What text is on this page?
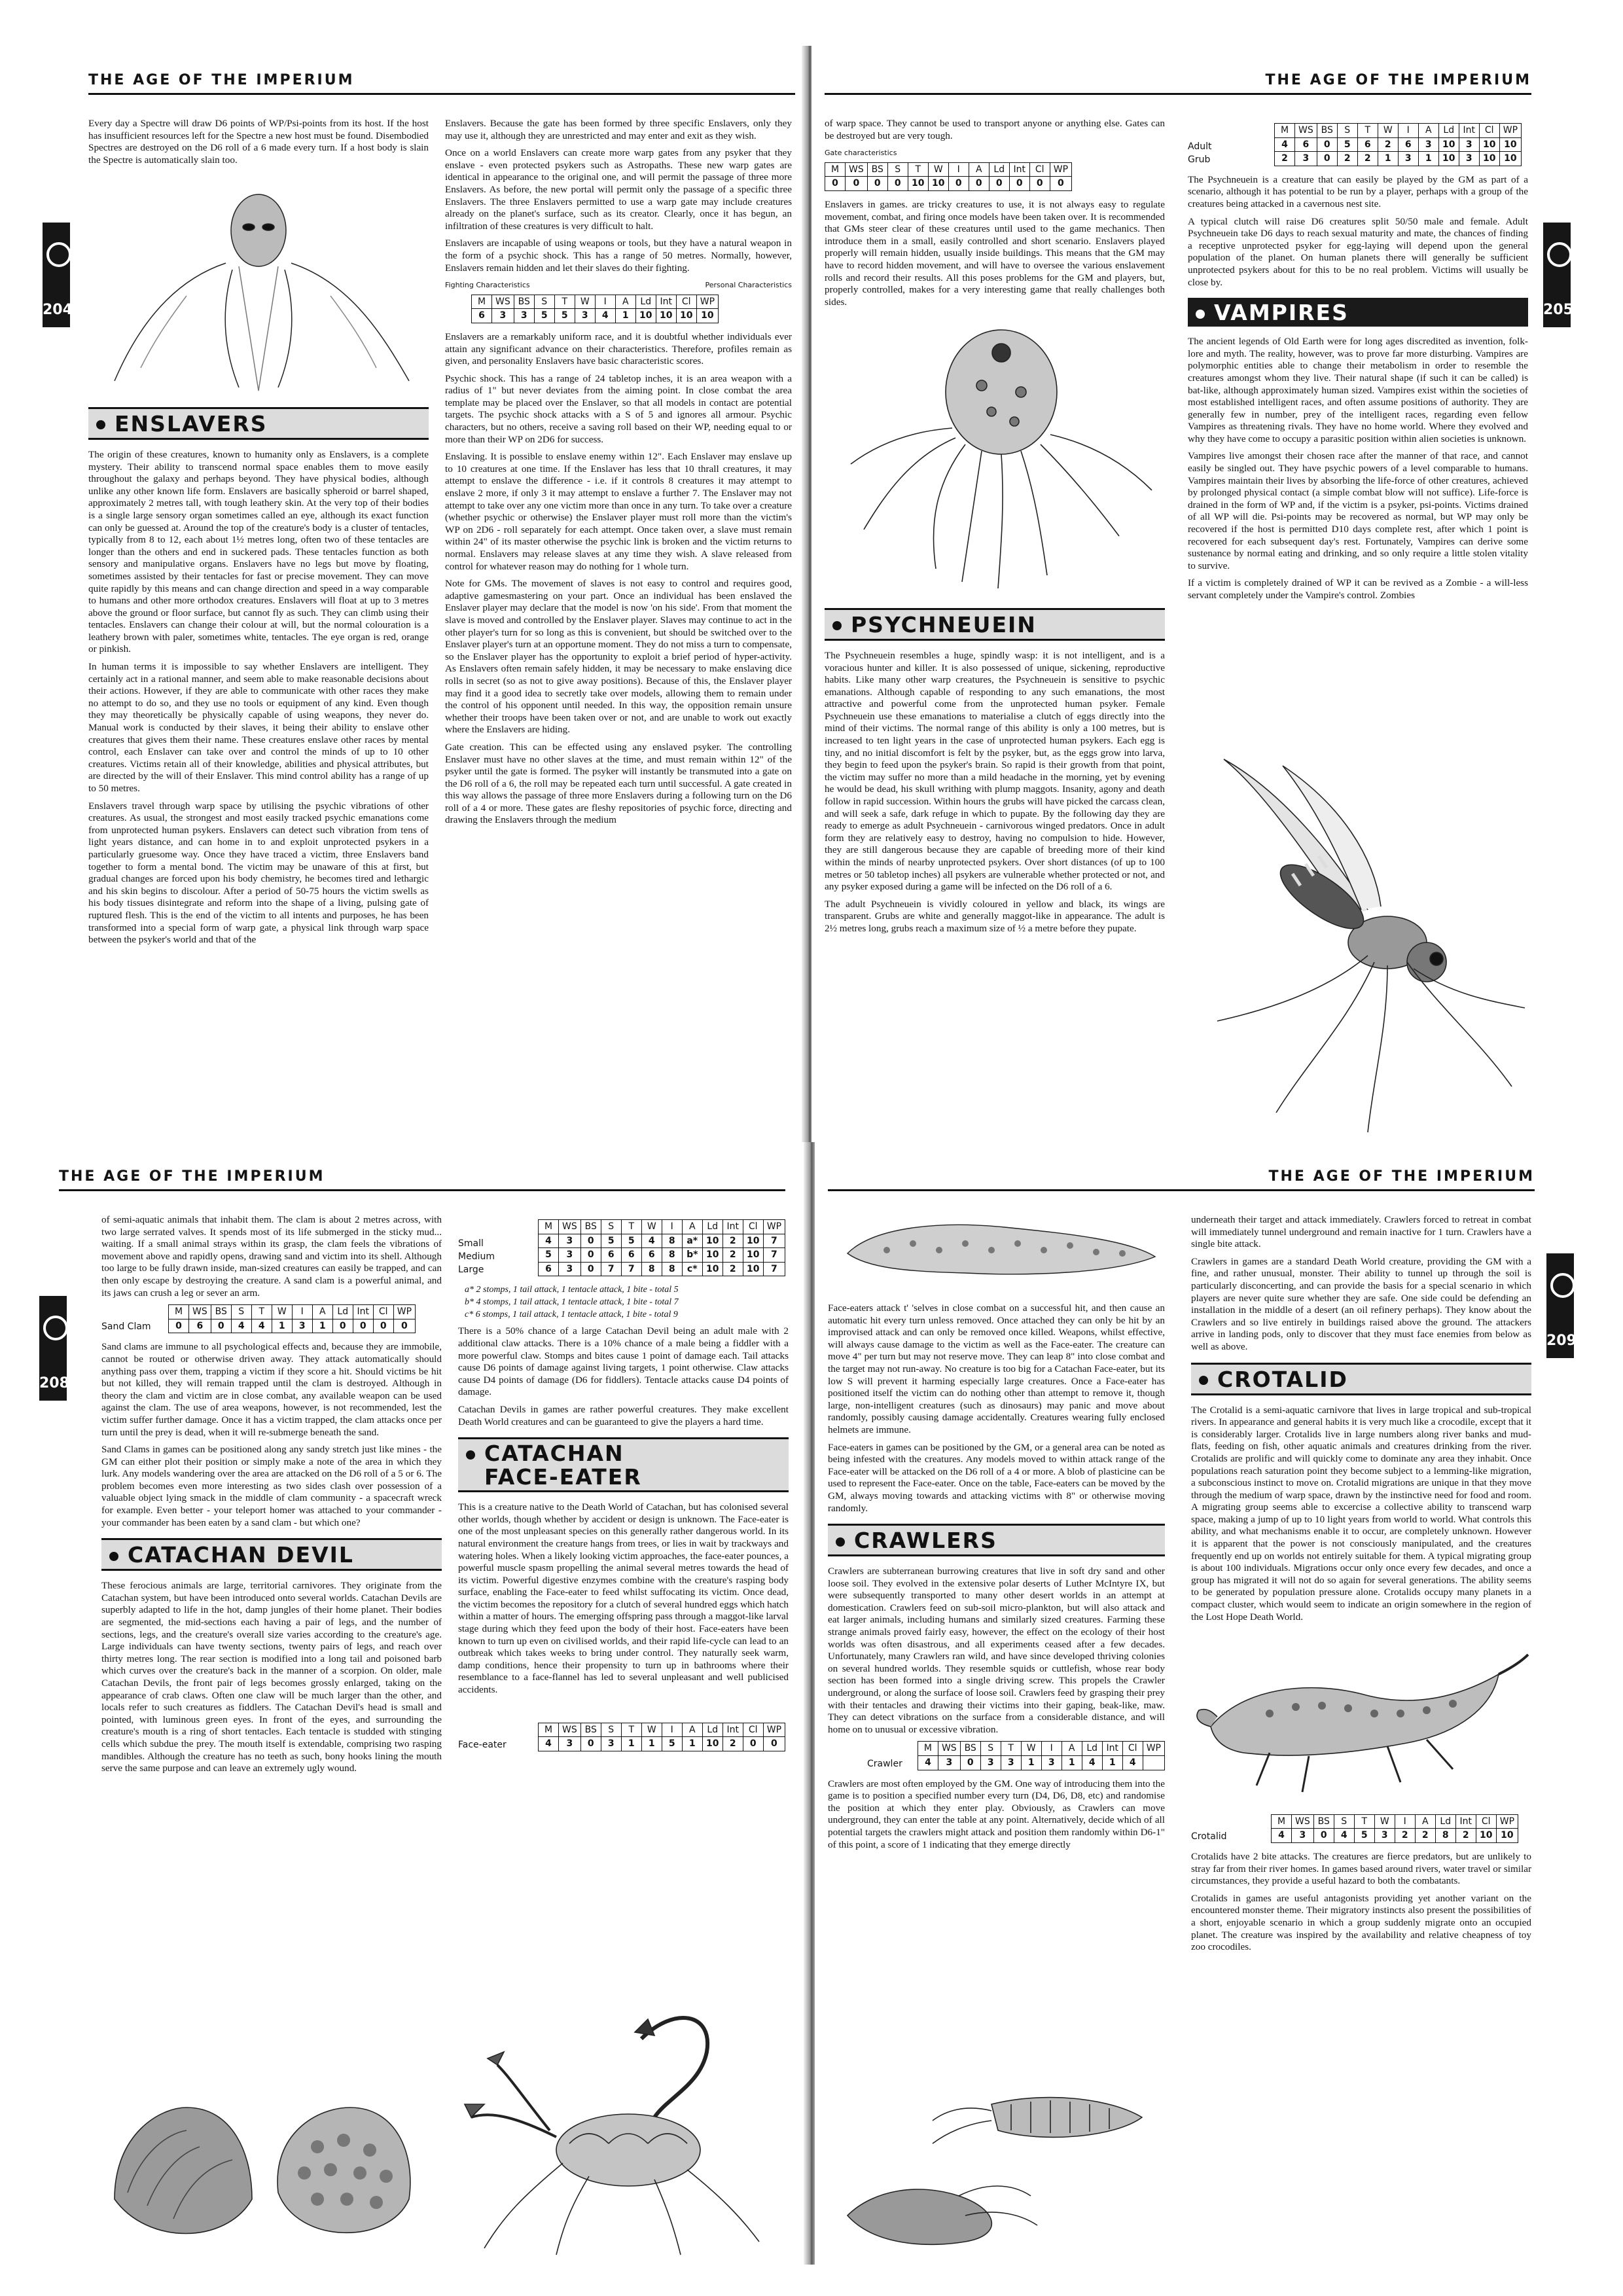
THE AGE OF THE IMPERIUM
204

Every day a Spectre will draw D6 points of WP/Psi-points from its host. If the host has insufficient resources left for the Spectre a new host must be found. Disembodied Spectres are destroyed on the D6 roll of a 6 made every turn. If a host body is slain the Spectre is automatically slain too.

ENSLAVERS

The origin of these creatures, known to humanity only as Enslavers, is a complete mystery. Their ability to transcend normal space enables them to move easily throughout the galaxy and perhaps beyond. They have physical bodies, although unlike any other known life form. Enslavers are basically spheroid or barrel shaped, approximately 2 metres tall, with tough leathery skin. At the very top of their bodies is a single large sensory organ sometimes called an eye, although its exact function can only be guessed at. Around the top of the creature's body is a cluster of tentacles, typically from 8 to 12, each about 1½ metres long, often two of these tentacles are longer than the others and end in suckered pads. These tentacles function as both sensory and manipulative organs. Enslavers have no legs but move by floating, sometimes assisted by their tentacles for fast or precise movement. They can move quite rapidly by this means and can change direction and speed in a way comparable to humans and other more orthodox creatures. Enslavers will float at up to 3 metres above the ground or floor surface, but cannot fly as such. They can climb using their tentacles. Enslavers can change their colour at will, but the normal colouration is a leathery brown with paler, sometimes white, tentacles. The eye organ is red, orange or pinkish.

In human terms it is impossible to say whether Enslavers are intelligent. They certainly act in a rational manner, and seem able to make reasonable decisions about their actions. However, if they are able to communicate with other races they make no attempt to do so, and they use no tools or equipment of any kind. Even though they may theoretically be physically capable of using weapons, they never do. Manual work is conducted by their slaves, it being their ability to enslave other creatures that gives them their name. These creatures enslave other races by mental control, each Enslaver can take over and control the minds of up to 10 other creatures. Victims retain all of their knowledge, abilities and physical attributes, but are directed by the will of their Enslaver. This mind control ability has a range of up to 50 metres.

Enslavers travel through warp space by utilising the psychic vibrations of other creatures. As usual, the strongest and most easily tracked psychic emanations come from unprotected human psykers. Enslavers can detect such vibration from tens of light years distance, and can home in to and exploit unprotected psykers in a particularly gruesome way. Once they have traced a victim, three Enslavers band together to form a mental bond. The victim may be unaware of this at first, but gradual changes are forced upon his body chemistry, he becomes tired and lethargic and his skin begins to discolour. After a period of 50-75 hours the victim swells as his body tissues disintegrate and reform into the shape of a living, pulsing gate of ruptured flesh. This is the end of the victim to all intents and purposes, he has been transformed into a special form of warp gate, a physical link through warp space between the psyker's world and that of the

Enslavers. Because the gate has been formed by three specific Enslavers, only they may use it, although they are unrestricted and may enter and exit as they wish.

Once on a world Enslavers can create more warp gates from any psyker that they enslave - even protected psykers such as Astropaths. These new warp gates are identical in appearance to the original one, and will permit the passage of three more Enslavers. As before, the new portal will permit only the passage of a specific three Enslavers. The three Enslavers permitted to use a warp gate may include creatures already on the planet's surface, such as its creator. Clearly, once it has begun, an infiltration of these creatures is very difficult to halt.

Enslavers are incapable of using weapons or tools, but they have a natural weapon in the form of a psychic shock. This has a range of 50 metres. Normally, however, Enslavers remain hidden and let their slaves do their fighting.

Fighting Characteristics	Personal Characteristics
M	WS	BS	S	T	W	I	A	Ld	Int	Cl	WP
6	3	3	5	5	3	4	1	10	10	10	10

Enslavers are a remarkably uniform race, and it is doubtful whether individuals ever attain any significant advance on their characteristics. Therefore, profiles remain as given, and personality Enslavers have basic characteristic scores.

Psychic shock. This has a range of 24 tabletop inches, it is an area weapon with a radius of 1" but never deviates from the aiming point. In close combat the area template may be placed over the Enslaver, so that all models in contact are potential targets. The psychic shock attacks with a S of 5 and ignores all armour. Psychic characters, but no others, receive a saving roll based on their WP, needing equal to or more than their WP on 2D6 for success.

Enslaving. It is possible to enslave enemy within 12". Each Enslaver may enslave up to 10 creatures at one time. If the Enslaver has less that 10 thrall creatures, it may attempt to enslave the difference - i.e. if it controls 8 creatures it may attempt to enslave 2 more, if only 3 it may attempt to enslave a further 7. The Enslaver may not attempt to take over any one victim more than once in any turn. To take over a creature (whether psychic or otherwise) the Enslaver player must roll more than the victim's WP on 2D6 - roll separately for each attempt. Once taken over, a slave must remain within 24" of its master otherwise the psychic link is broken and the victim returns to normal. Enslavers may release slaves at any time they wish. A slave released from control for whatever reason may do nothing for 1 whole turn.

Note for GMs. The movement of slaves is not easy to control and requires good, adaptive gamesmastering on your part. Once an individual has been enslaved the Enslaver player may declare that the model is now 'on his side'. From that moment the slave is moved and controlled by the Enslaver player. Slaves may continue to act in the other player's turn for so long as this is convenient, but should be switched over to the Enslaver player's turn at an opportune moment. They do not miss a turn to compensate, so the Enslaver player has the opportunity to exploit a brief period of hyper-activity. As Enslavers often remain safely hidden, it may be necessary to make enslaving dice rolls in secret (so as not to give away positions). Because of this, the Enslaver player may find it a good idea to secretly take over models, allowing them to remain under the control of his opponent until needed. In this way, the opposition remain unsure whether their troops have been taken over or not, and are unable to work out exactly where the Enslavers are hiding.

Gate creation. This can be effected using any enslaved psyker. The controlling Enslaver must have no other slaves at the time, and must remain within 12" of the psyker until the gate is formed. The psyker will instantly be transmuted into a gate on the D6 roll of a 6, the roll may be repeated each turn until successful. A gate created in this way allows the passage of three more Enslavers during a following turn on the D6 roll of a 4 or more. These gates are fleshy repositories of psychic force, directing and drawing the Enslavers through the medium

THE AGE OF THE IMPERIUM
205

of warp space. They cannot be used to transport anyone or anything else. Gates can be destroyed but are very tough.

Gate characteristics
M	WS	BS	S	T	W	I	A	Ld	Int	Cl	WP
0	0	0	0	10	10	0	0	0	0	0	0

Enslavers in games. are tricky creatures to use, it is not always easy to regulate movement, combat, and firing once models have been taken over. It is recommended that GMs steer clear of these creatures until used to the game mechanics. Then introduce them in a small, easily controlled and short scenario. Enslavers played properly will remain hidden, usually inside buildings. This means that the GM may have to record hidden movement, and will have to oversee the various enslavement rolls and record their results. All this poses problems for the GM and players, but, properly controlled, makes for a very interesting game that really challenges both sides.

PSYCHNEUEIN

The Psychneuein resembles a huge, spindly wasp: it is not intelligent, and is a voracious hunter and killer. It is also possessed of unique, sickening, reproductive habits. Like many other warp creatures, the Psychneuein is sensitive to psychic emanations. Although capable of responding to any such emanations, the most attractive and powerful come from the unprotected human psyker. Female Psychneuein use these emanations to materialise a clutch of eggs directly into the mind of their victims. The normal range of this ability is only a 100 metres, but is increased to ten light years in the case of unprotected human psykers. Each egg is tiny, and no initial discomfort is felt by the psyker, but, as the eggs grow into larva, they begin to feed upon the psyker's brain. So rapid is their growth from that point, the victim may suffer no more than a mild headache in the morning, yet by evening he would be dead, his skull writhing with plump maggots. Insanity, agony and death follow in rapid succession. Within hours the grubs will have picked the carcass clean, and will seek a safe, dark refuge in which to pupate. By the following day they are ready to emerge as adult Psychneuein - carnivorous winged predators. Once in adult form they are relatively easy to destroy, having no compulsion to hide. However, they are still dangerous because they are capable of breeding more of their kind within the minds of nearby unprotected psykers. Over short distances (of up to 100 metres or 50 tabletop inches) all psykers are vulnerable whether protected or not, and any psyker exposed during a game will be infected on the D6 roll of a 6.

The adult Psychneuein is vividly coloured in yellow and black, its wings are transparent. Grubs are white and generally maggot-like in appearance. The adult is 2½ metres long, grubs reach a maximum size of ½ a metre before they pupate.

Adult
Grub
M	WS	BS	S	T	W	I	A	Ld	Int	Cl	WP
4	6	0	5	6	2	6	3	10	3	10	10
2	3	0	2	2	1	3	1	10	3	10	10

The Psychneuein is a creature that can easily be played by the GM as part of a scenario, although it has potential to be run by a player, perhaps with a group of the creatures being attacked in a cavernous nest site.

A typical clutch will raise D6 creatures split 50/50 male and female. Adult Psychneuein take D6 days to reach sexual maturity and mate, the chances of finding a receptive unprotected psyker for egg-laying will depend upon the general population of the planet. On human planets there will generally be sufficient unprotected psykers about for this to be no real problem. Victims will usually be close by.

VAMPIRES

The ancient legends of Old Earth were for long ages discredited as invention, folk-lore and myth. The reality, however, was to prove far more disturbing. Vampires are polymorphic entities able to change their metabolism in order to resemble the creatures amongst whom they live. Their natural shape (if such it can be called) is bat-like, although approximately human sized. Vampires exist within the societies of most established intelligent races, and often assume positions of authority. They are generally few in number, prey of the intelligent races, regarding even fellow Vampires as threatening rivals. They have no home world. Where they evolved and why they have come to occupy a parasitic position within alien societies is unknown.

Vampires live amongst their chosen race after the manner of that race, and cannot easily be singled out. They have psychic powers of a level comparable to humans. Vampires maintain their lives by absorbing the life-force of other creatures, achieved by prolonged physical contact (a simple combat blow will not suffice). Life-force is drained in the form of WP and, if the victim is a psyker, psi-points. Victims drained of all WP will die. Psi-points may be recovered as normal, but WP may only be recovered if the host is permitted D10 days complete rest, after which 1 point is recovered for each subsequent day's rest. Fortunately, Vampires can derive some sustenance by normal eating and drinking, and so only require a little stolen vitality to survive.

If a victim is completely drained of WP it can be revived as a Zombie - a will-less servant completely under the Vampire's control. Zombies

THE AGE OF THE IMPERIUM
208

of semi-aquatic animals that inhabit them. The clam is about 2 metres across, with two large serrated valves. It spends most of its life submerged in the sticky mud... waiting. If a small animal strays within its grasp, the clam feels the vibrations of movement above and rapidly opens, drawing sand and victim into its shell. Although too large to be fully drawn inside, man-sized creatures can easily be trapped, and can then only escape by destroying the creature. A sand clam is a powerful animal, and its jaws can crush a leg or sever an arm.

Sand Clam
M	WS	BS	S	T	W	I	A	Ld	Int	Cl	WP
0	6	0	4	4	1	3	1	0	0	0	0

Sand clams are immune to all psychological effects and, because they are immobile, cannot be routed or otherwise driven away. They attack automatically should anything pass over them, trapping a victim if they score a hit. Should victims be hit but not killed, they will remain trapped until the clam is destroyed. Although in theory the clam and victim are in close combat, any available weapon can be used against the clam. The use of area weapons, however, is not recommended, lest the victim suffer further damage. Once it has a victim trapped, the clam attacks once per turn until the prey is dead, when it will re-submerge beneath the sand.

Sand Clams in games can be positioned along any sandy stretch just like mines - the GM can either plot their position or simply make a note of the area in which they lurk. Any models wandering over the area are attacked on the D6 roll of a 5 or 6. The problem becomes even more interesting as two sides clash over possession of a valuable object lying smack in the middle of clam community - a spacecraft wreck for example. Even better - your teleport homer was attached to your commander - your commander has been eaten by a sand clam - but which one?

CATACHAN DEVIL

These ferocious animals are large, territorial carnivores. They originate from the Catachan system, but have been introduced onto several worlds. Catachan Devils are superbly adapted to life in the hot, damp jungles of their home planet. Their bodies are segmented, the mid-sections each having a pair of legs, and the number of sections, legs, and the creature's overall size varies according to the creature's age. Large individuals can have twenty sections, twenty pairs of legs, and reach over thirty metres long. The rear section is modified into a long tail and poisoned barb which curves over the creature's back in the manner of a scorpion. On older, male Catachan Devils, the front pair of legs becomes grossly enlarged, taking on the appearance of crab claws. Often one claw will be much larger than the other, and locals refer to such creatures as fiddlers. The Catachan Devil's head is small and pointed, with luminous green eyes. In front of the eyes, and surrounding the creature's mouth is a ring of short tentacles. Each tentacle is studded with stinging cells which subdue the prey. The mouth itself is extendable, comprising two rasping mandibles. Although the creature has no teeth as such, bony hooks lining the mouth serve the same purpose and can leave an extremely ugly wound.

Small
Medium
Large
M	WS	BS	S	T	W	I	A	Ld	Int	Cl	WP
4	3	0	5	5	4	8	a*	10	2	10	7
5	3	0	6	6	6	8	b*	10	2	10	7
6	3	0	7	7	8	8	c*	10	2	10	7
a* 2 stomps, 1 tail attack, 1 tentacle attack, 1 bite - total 5
b* 4 stomps, 1 tail attack, 1 tentacle attack, 1 bite - total 7
c* 6 stomps, 1 tail attack, 1 tentacle attack, 1 bite - total 9

There is a 50% chance of a large Catachan Devil being an adult male with 2 additional claw attacks. There is a 10% chance of a male being a fiddler with a more powerful claw. Stomps and bites cause 1 point of damage each. Tail attacks cause D6 points of damage against living targets, 1 point otherwise. Claw attacks cause D4 points of damage (D6 for fiddlers). Tentacle attacks cause D4 points of damage.

Catachan Devils in games are rather powerful creatures. They make excellent Death World creatures and can be guaranteed to give the players a hard time.

CATACHAN
FACE-EATER

This is a creature native to the Death World of Catachan, but has colonised several other worlds, though whether by accident or design is unknown. The Face-eater is one of the most unpleasant species on this generally rather dangerous world. In its natural environment the creature hangs from trees, or lies in wait by trackways and watering holes. When a likely looking victim approaches, the face-eater pounces, a powerful muscle spasm propelling the animal several metres towards the head of its victim. Powerful digestive enzymes combine with the creature's rasping body surface, enabling the Face-eater to feed whilst suffocating its victim. Once dead, the victim becomes the repository for a clutch of several hundred eggs which hatch within a matter of hours. The emerging offspring pass through a maggot-like larval stage during which they feed upon the body of their host. Face-eaters have been known to turn up even on civilised worlds, and their rapid life-cycle can lead to an outbreak which takes weeks to bring under control. They naturally seek warm, damp conditions, hence their propensity to turn up in bathrooms where their resemblance to a face-flannel has led to several unpleasant and well publicised accidents.

Face-eater
M	WS	BS	S	T	W	I	A	Ld	Int	Cl	WP
4	3	0	3	1	1	5	1	10	2	0	0
THE AGE OF THE IMPERIUM
209

Face-eaters attack t' 'selves in close combat on a successful hit, and then cause an automatic hit every turn unless removed. Once attached they can only be hit by an improvised attack and can only be removed once killed. Weapons, whilst effective, will always cause damage to the victim as well as the Face-eater. The creature can move 4" per turn but may not reserve move. They can leap 8" into close combat and the target may not run-away. No creature is too big for a Catachan Face-eater, but its low S will prevent it harming especially large creatures. Once a Face-eater has positioned itself the victim can do nothing other than attempt to remove it, though large, non-intelligent creatures (such as dinosaurs) may panic and move about randomly, possibly causing damage accidentally. Creatures wearing fully enclosed helmets are immune.

Face-eaters in games can be positioned by the GM, or a general area can be noted as being infested with the creatures. Any models moved to within attack range of the Face-eater will be attacked on the D6 roll of a 4 or more. A blob of plasticine can be used to represent the Face-eater. Once on the table, Face-eaters can be moved by the GM, always moving towards and attacking victims with 8" or otherwise moving randomly.

CRAWLERS

Crawlers are subterranean burrowing creatures that live in soft dry sand and other loose soil. They evolved in the extensive polar deserts of Luther McIntyre IX, but were subsequently transported to many other desert worlds in an attempt at domestication. Crawlers feed on sub-soil micro-plankton, but will also attack and eat larger animals, including humans and similarly sized creatures. Farming these strange animals proved fairly easy, however, the effect on the ecology of their host worlds was often disastrous, and all experiments ceased after a few decades. Unfortunately, many Crawlers ran wild, and have since developed thriving colonies on several hundred worlds. They resemble squids or cuttlefish, whose rear body section has been formed into a single driving screw. This propels the Crawler underground, or along the surface of loose soil. Crawlers feed by grasping their prey with their tentacles and drawing their victims into their gaping, beak-like, maw. They can detect vibrations on the surface from a considerable distance, and will home on to unusual or excessive vibration.

Crawler
M	WS	BS	S	T	W	I	A	Ld	Int	Cl	WP
4	3	0	3	3	1	3	1	4	1	4	

Crawlers are most often employed by the GM. One way of introducing them into the game is to position a specified number every turn (D4, D6, D8, etc) and randomise the position at which they enter play. Obviously, as Crawlers can move underground, they can enter the table at any point. Alternatively, decide which of all potential targets the crawlers might attack and position them randomly within D6-1" of this point, a score of 1 indicating that they emerge directly

underneath their target and attack immediately. Crawlers forced to retreat in combat will immediately tunnel underground and remain inactive for 1 turn. Crawlers have a single bite attack.

Crawlers in games are a standard Death World creature, providing the GM with a fine, and rather unusual, monster. Their ability to tunnel up through the soil is particularly disconcerting, and can provide the basis for a special scenario in which players are never quite sure whether they are safe. One side could be defending an installation in the middle of a desert (an oil refinery perhaps). They know about the Crawlers and so live entirely in buildings raised above the ground. The attackers arrive in landing pods, only to discover that they must face enemies from below as well as above.

CROTALID

The Crotalid is a semi-aquatic carnivore that lives in large tropical and sub-tropical rivers. In appearance and general habits it is very much like a crocodile, except that it is considerably larger. Crotalids live in large numbers along river banks and mud-flats, feeding on fish, other aquatic animals and creatures drinking from the river. Crotalids are prolific and will quickly come to dominate any area they inhabit. Once populations reach saturation point they become subject to a lemming-like migration, a subconscious instinct to move on. Crotalid migrations are unique in that they move through the medium of warp space, drawn by the instinctive need for food and room. A migrating group seems able to excercise a collective ability to transcend warp space, making a jump of up to 10 light years from world to world. What controls this ability, and what mechanisms enable it to occur, are completely unknown. However it is apparent that the power is not consciously manipulated, and the creatures frequently end up on worlds not entirely suitable for them. A typical migrating group is about 100 individuals. Migrations occur only once every few decades, and once a group has migrated it will not do so again for several generations. The ability seems to be generated by population pressure alone. Crotalids occupy many planets in a compact cluster, which would seem to indicate an origin somewhere in the region of the Lost Hope Death World.

Crotalid
M	WS	BS	S	T	W	I	A	Ld	Int	Cl	WP
4	3	0	4	5	3	2	2	8	2	10	10

Crotalids have 2 bite attacks. The creatures are fierce predators, but are unlikely to stray far from their river homes. In games based around rivers, water travel or similar circumstances, they provide a useful hazard to both the combatants.

Crotalids in games are useful antagonists providing yet another variant on the encountered monster theme. Their migratory instincts also present the possibilities of a short, enjoyable scenario in which a group suddenly migrate onto an occupied planet. The creature was inspired by the availability and relative cheapness of toy zoo crocodiles.
